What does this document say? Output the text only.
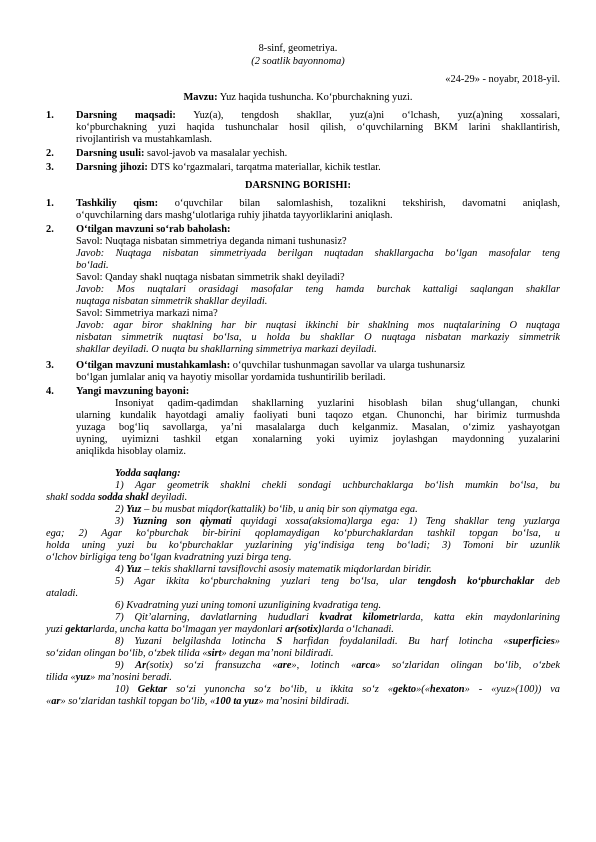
8-sinf, geometriya.
(2 soatlik bayonnoma)
«24-29» - noyabr, 2018-yil.
Mavzu: Yuz haqida tushuncha. Ko‘pburchakning yuzi.
1. Darsning maqsadi: Yuz(a), tengdosh shakllar, yuz(a)ni o‘lchash, yuz(a)ning xossalari,
ko‘pburchakning yuzi haqida tushunchalar hosil qilish, o‘quvchilarning BKM larini shakllantirish,
rivojlantirish va mustahkamlash.
2. Darsning usuli: savol-javob va masalalar yechish.
3. Darsning jihozi: DTS ko‘rgazmalari, tarqatma materiallar, kichik testlar.
DARSNING BORISHI:
1. Tashkiliy qism: o‘quvchilar bilan salomlashish, tozalikni tekshirish, davomatni aniqlash,
o‘quvchilarning dars mashg‘ulotlariga ruhiy jihatda tayyorliklarini aniqlash.
2. O‘tilgan mavzuni so‘rab baholash:
Savol: Nuqtaga nisbatan simmetriya deganda nimani tushunasiz?
Javob: Nuqtaga nisbatan simmetriyada berilgan nuqtadan shakllargacha bo‘lgan masofalar teng
bo‘ladi.
Savol: Qanday shakl nuqtaga nisbatan simmetrik shakl deyiladi?
Javob: Mos nuqtalari orasidagi masofalar teng hamda burchak kattaligi saqlangan shakllar
nuqtaga nisbatan simmetrik shakllar deyiladi.
Savol: Simmetriya markazi nima?
Javob: agar biror shaklning har bir nuqtasi ikkinchi bir shaklning mos nuqtalarining O nuqtaga
nisbatan simmetrik nuqtasi bo‘lsa, u holda bu shakllar O nuqtaga nisbatan markaziy simmetrik
shakllar deyiladi. O nuqta bu shakllarning simmetriya markazi deyiladi.
3. O‘tilgan mavzuni mustahkamlash: o‘quvchilar tushunmagan savollar va ularga tushunarsiz
bo‘lgan jumlalar aniq va hayotiy misollar yordamida tushuntirilib beriladi.
4. Yangi mavzuning bayoni:
Insoniyat qadim-qadimdan shakllarning yuzlarini hisoblash bilan shug‘ullangan, chunki
ularning kundalik hayotdagi amaliy faoliyati buni taqozo etgan. Chunonchi, har birimiz turmushda
yuzaga bog‘liq savollarga, ya’ni masalalarga duch kelganmiz. Masalan, o‘zimiz yashayotgan
uyning, uyimizni tashkil etgan xonalarning yoki uyimiz joylashgan maydonning yuzalarini
aniqlikda hisoblay olamiz.
Yodda saqlang:
1) Agar geometrik shaklni chekli sondagi uchburchaklarga bo‘lish mumkin bo‘lsa, bu
shakl sodda sodda shakl deyiladi.
2) Yuz – bu musbat miqdor(kattalik) bo‘lib, u aniq bir son qiymatga ega.
3) Yuzning son qiymati quyidagi xossa(aksioma)larga ega: 1) Teng shakllar teng yuzlarga
ega; 2) Agar ko‘pburchak bir-birini qoplamaydigan ko‘pburchaklardan tashkil topgan bo‘lsa, u
holda uning yuzi bu ko‘pburchaklar yuzlarining yig‘indisiga teng bo‘ladi; 3) Tomoni bir uzunlik
o‘lchov birligiga teng bo‘lgan kvadratning yuzi birga teng.
4) Yuz – tekis shakllarni tavsiflovchi asosiy matematik miqdorlardan biridir.
5) Agar ikkita ko‘pburchakning yuzlari teng bo‘lsa, ular tengdosh ko‘pburchaklar deb
ataladi.
6) Kvadratning yuzi uning tomoni uzunligining kvadratiga teng.
7) Qit’alarning, davlatlarning hududlari kvadrat kilometrlarda, katta ekin maydonlarining
yuzi gektarlarda, uncha katta bo‘lmagan yer maydonlari ar(sotix)larda o‘lchanadi.
8) Yuzani belgilashda lotincha S harfidan foydalaniladi. Bu harf lotincha «superficies»
so‘zidan olingan bo‘lib, o‘zbek tilida «sirt» degan ma’noni bildiradi.
9) Ar(sotix) so‘zi fransuzcha «are», lotinch «arca» so‘zlaridan olingan bo‘lib, o‘zbek
tilida «yuz» ma’nosini beradi.
10) Gektar so‘zi yunoncha so‘z bo‘lib, u ikkita so‘z «gekto»(«hexaton» - «yuz»(100)) va
«ar» so‘zlaridan tashkil topgan bo‘lib, «100 ta yuz» ma’nosini bildiradi.
